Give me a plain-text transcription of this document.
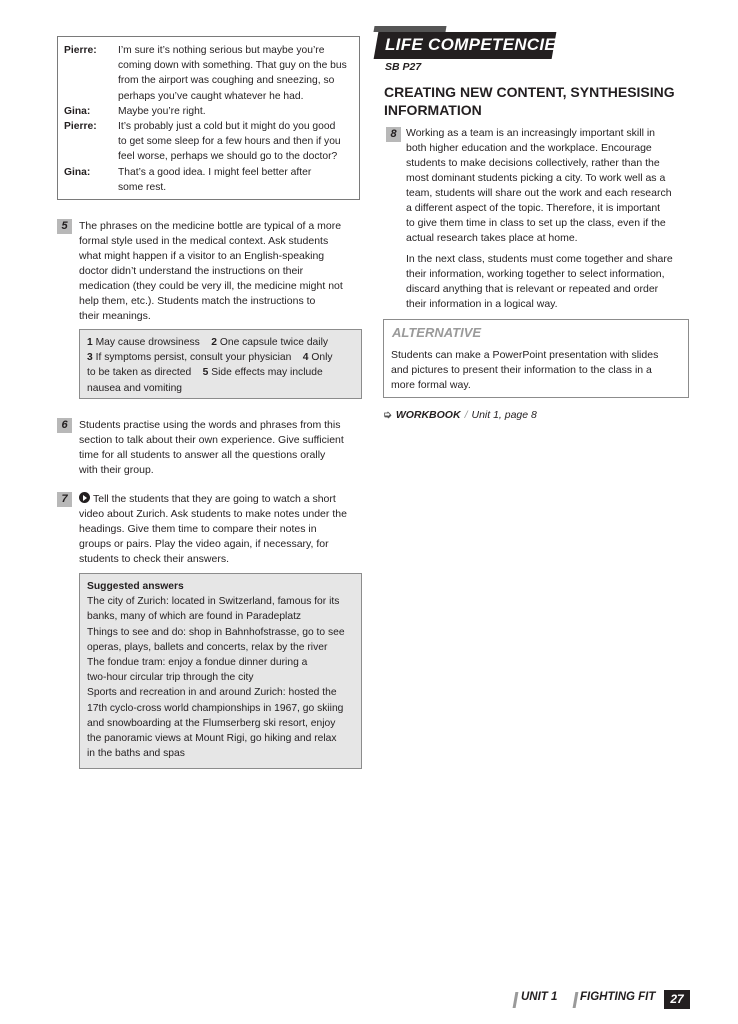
Pierre:	I’m sure it’s nothing serious but maybe you’re
coming down with something. That guy on the bus
from the airport was coughing and sneezing, so
perhaps you’ve caught whatever he had.
Gina:	Maybe you’re right.
Pierre:	It’s probably just a cold but it might do you good
to get some sleep for a few hours and then if you
feel worse, perhaps we should go to the doctor?
Gina:	That’s a good idea. I might feel better after
some rest.
5	The phrases on the medicine bottle are typical of a more
formal style used in the medical context. Ask students
what might happen if a visitor to an English-speaking
doctor didn’t understand the instructions on their
medication (they could be very ill, the medicine might not
help them, etc.). Students match the instructions to
their meanings.
1 May cause drowsiness 2 One capsule twice daily
3 If symptoms persist, consult your physician 4 Only
to be taken as directed 5 Side effects may include
nausea and vomiting
6	Students practise using the words and phrases from this
section to talk about their own experience. Give sufficient
time for all students to answer all the questions orally
with their group.
7	Tell the students that they are going to watch a short
video about Zurich. Ask students to make notes under the
headings. Give them time to compare their notes in
groups or pairs. Play the video again, if necessary, for
students to check their answers.
Suggested answers
The city of Zurich: located in Switzerland, famous for its
banks, many of which are found in Paradeplatz
Things to see and do: shop in Bahnhofstrasse, go to see
operas, plays, ballets and concerts, relax by the river
The fondue tram: enjoy a fondue dinner during a
two-hour circular trip through the city
Sports and recreation in and around Zurich: hosted the
17th cyclo-cross world championships in 1967, go skiing
and snowboarding at the Flumserberg ski resort, enjoy
the panoramic views at Mount Rigi, go hiking and relax
in the baths and spas
LIFE COMPETENCIES
SB P27
CREATING NEW CONTENT, SYNTHESISING
INFORMATION
8 Working as a team is an increasingly important skill in
both higher education and the workplace. Encourage
students to make decisions collectively, rather than the
most dominant students picking a city. To work well as a
team, students will share out the work and each research
a different aspect of the topic. Therefore, it is important
to give them time in class to set up the class, even if the
actual research takes place at home.
In the next class, students must come together and share
their information, working together to select information,
discard anything that is relevant or repeated and order
their information in a logical way.
ALTERNATIVE
Students can make a PowerPoint presentation with slides
and pictures to present their information to the class in a
more formal way.
➭ WORKBOOK / Unit 1, page 8
UNIT 1 FIGHTING FIT	27
